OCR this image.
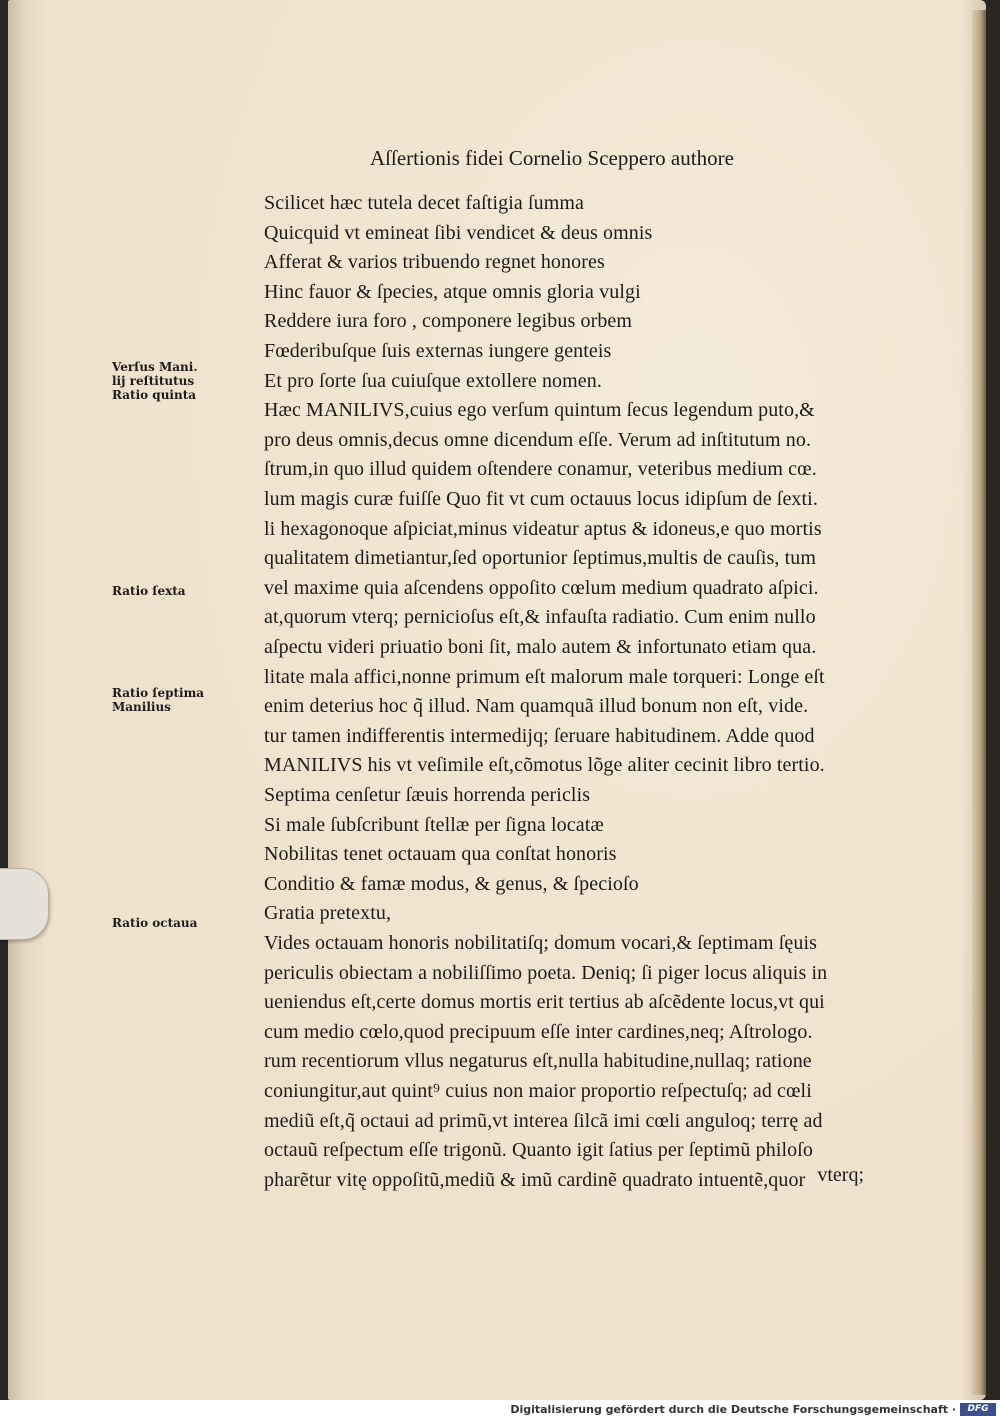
Aſſertionis fidei Cornelio Sceppero authore
Scilicet hæc tutela decet faſtigia ſumma
Quicquid vt emineat ſibi vendicet & deus omnis
Afferat & varios tribuendo regnet honores
Hinc fauor & ſpecies, atque omnis gloria vulgi
Reddere iura foro , componere legibus orbem
Fœderibuſque ſuis externas iungere genteis
Et pro ſorte ſua cuiuſque extollere nomen.
Hæc MANILIVS,cuius ego verſum quintum ſecus legendum puto,&
pro deus omnis,decus omne dicendum eſſe. Verum ad inſtitutum no.
ſtrum,in quo illud quidem oſtendere conamur, veteribus medium cœ.
lum magis curæ fuiſſe Quo fit vt cum octauus locus idipſum de ſexti.
li hexagonoque aſpiciat,minus videatur aptus & idoneus,e quo mortis
qualitatem dimetiantur,ſed oportunior ſeptimus,multis de cauſis, tum
vel maxime quia aſcendens oppoſito cœlum medium quadrato aſpici.
at,quorum vterq; pernicioſus eſt,& infauſta radiatio. Cum enim nullo
aſpectu videri priuatio boni ſit, malo autem & infortunato etiam qua.
litate mala affici,nonne primum eſt malorum male torqueri: Longe eſt
enim deterius hoc q̃ illud. Nam quamquã illud bonum non eſt, vide.
tur tamen indifferentis intermedijq; ſeruare habitudinem. Adde quod
MANILIVS his vt veſimile eſt,cõmotus lõge aliter cecinit libro tertio.
Septima cenſetur ſæuis horrenda periclis
Si male ſubſcribunt ſtellæ per ſigna locatæ
Nobilitas tenet octauam qua conſtat honoris
Conditio & famæ modus, & genus, & ſpecioſo
Gratia pretextu,
Vides octauam honoris nobilitatiſq; domum vocari,& ſeptimam ſęuis
periculis obiectam a nobiliſſimo poeta. Deniq; ſi piger locus aliquis in
ueniendus eſt,certe domus mortis erit tertius ab aſcẽdente locus,vt qui
cum medio cœlo,quod precipuum eſſe inter cardines,neq; Aſtrologo.
rum recentiorum vllus negaturus eſt,nulla habitudine,nullaq; ratione
coniungitur,aut quint⁹ cuius non maior proportio reſpectuſq; ad cœli
mediũ eſt,q̃ octaui ad primũ,vt interea ſilcã imi cœli anguloq; terrę ad
octauũ reſpectum eſſe trigonũ. Quanto igit ſatius per ſeptimũ philoſo
pharẽtur vitę oppoſitũ,mediũ & imũ cardinẽ quadrato intuentẽ,quor
Verſus Mani.
lij reſtitutus
Ratio quinta
Ratio ſexta
Ratio ſeptima
Manilius
Ratio octaua
vterq;
Digitalisierung gefördert durch die Deutsche Forschungsgemeinschaft ·	DFG
